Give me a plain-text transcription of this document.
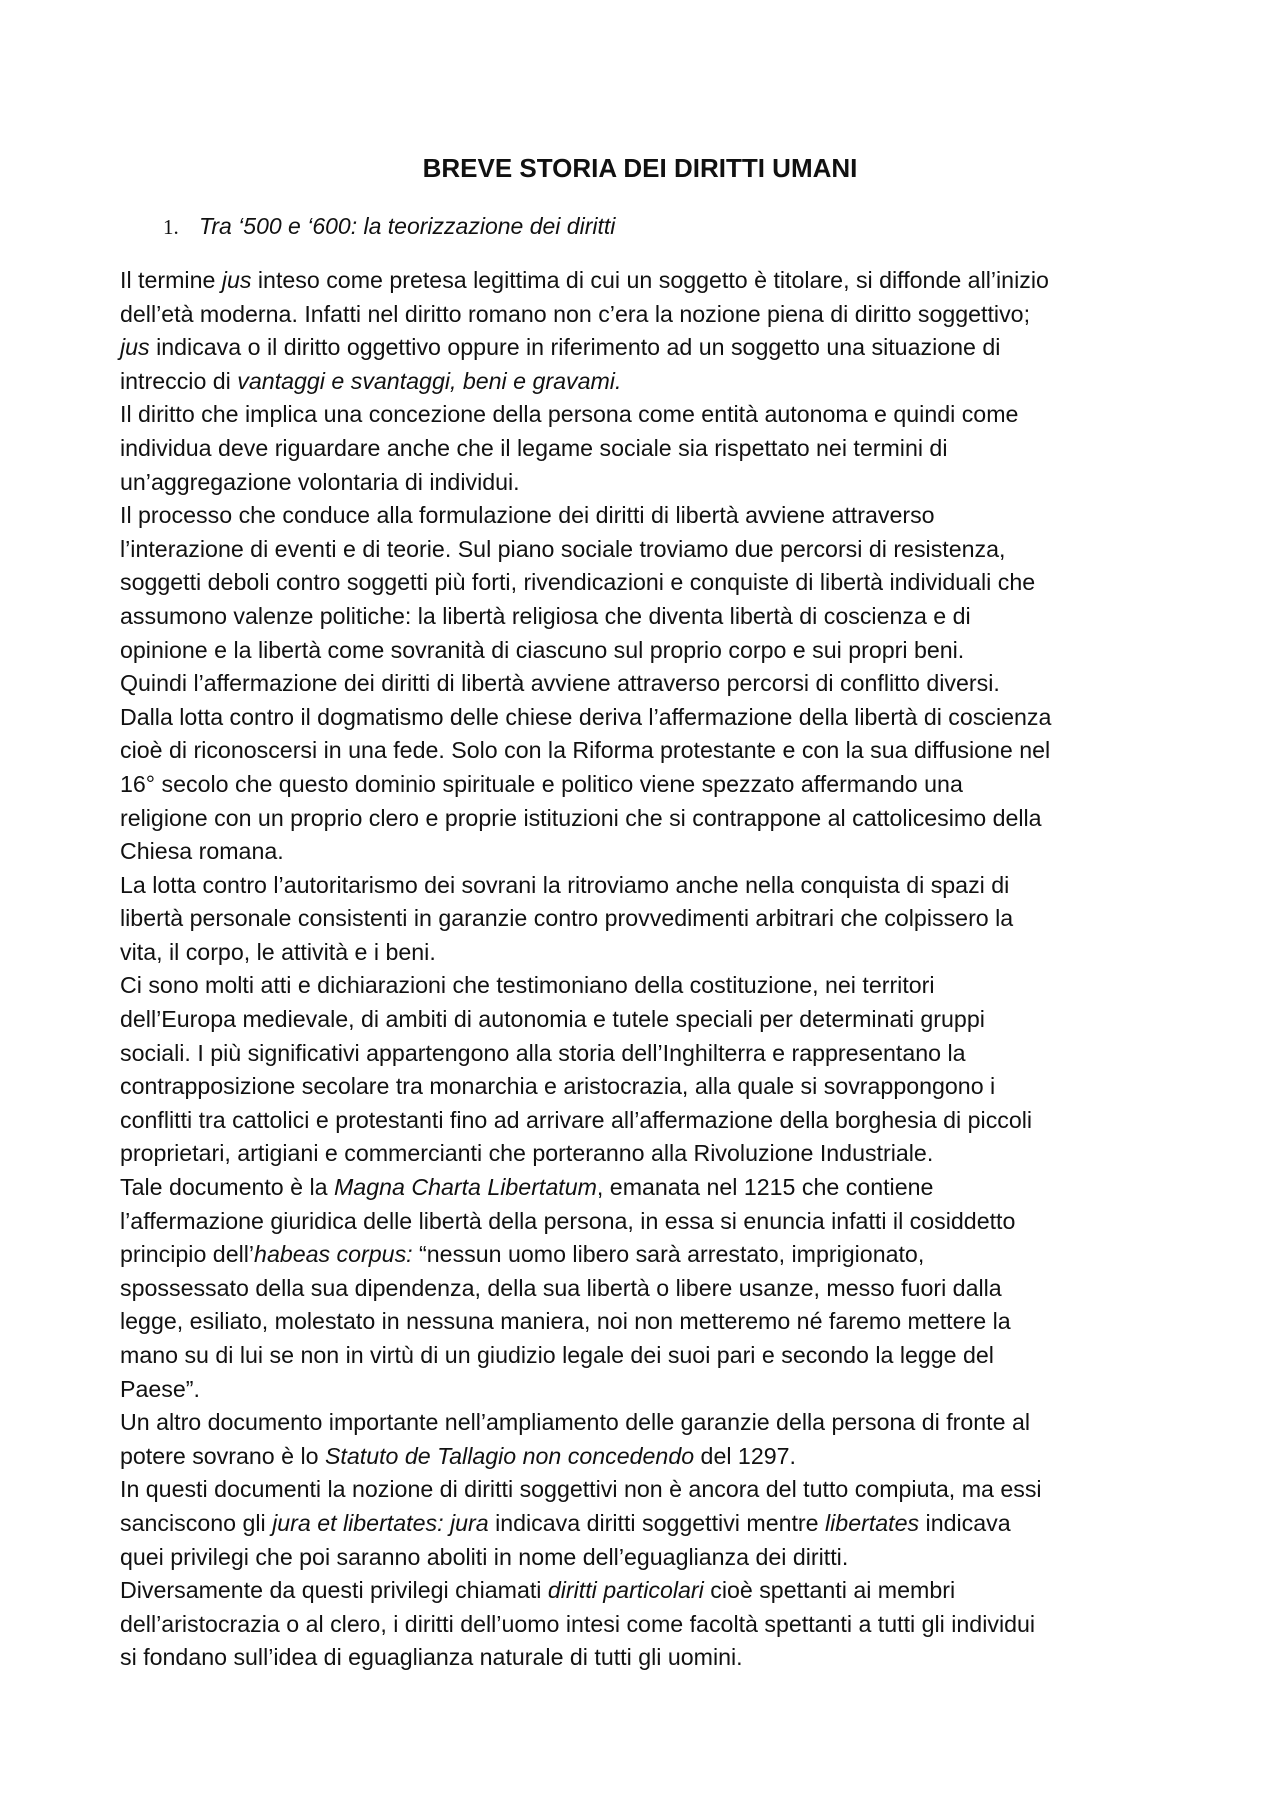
BREVE STORIA DEI DIRITTI UMANI
1. Tra ‘500 e ‘600: la teorizzazione dei diritti
Il termine jus inteso come pretesa legittima di cui un soggetto è titolare, si diffonde all’inizio
dell’età moderna. Infatti nel diritto romano non c’era la nozione piena di diritto soggettivo;
jus indicava o il diritto oggettivo oppure in riferimento ad un soggetto una situazione di
intreccio di vantaggi e svantaggi, beni e gravami.
Il diritto che implica una concezione della persona come entità autonoma e quindi come
individua deve riguardare anche che il legame sociale sia rispettato nei termini di
un’aggregazione volontaria di individui.
Il processo che conduce alla formulazione dei diritti di libertà avviene attraverso
l’interazione di eventi e di teorie. Sul piano sociale troviamo due percorsi di resistenza,
soggetti deboli contro soggetti più forti, rivendicazioni e conquiste di libertà individuali che
assumono valenze politiche: la libertà religiosa che diventa libertà di coscienza e di
opinione e la libertà come sovranità di ciascuno sul proprio corpo e sui propri beni.
Quindi l’affermazione dei diritti di libertà avviene attraverso percorsi di conflitto diversi.
Dalla lotta contro il dogmatismo delle chiese deriva l’affermazione della libertà di coscienza
cioè di riconoscersi in una fede. Solo con la Riforma protestante e con la sua diffusione nel
16° secolo che questo dominio spirituale e politico viene spezzato affermando una
religione con un proprio clero e proprie istituzioni che si contrappone al cattolicesimo della
Chiesa romana.
La lotta contro l’autoritarismo dei sovrani la ritroviamo anche nella conquista di spazi di
libertà personale consistenti in garanzie contro provvedimenti arbitrari che colpissero la
vita, il corpo, le attività e i beni.
Ci sono molti atti e dichiarazioni che testimoniano della costituzione, nei territori
dell’Europa medievale, di ambiti di autonomia e tutele speciali per determinati gruppi
sociali. I più significativi appartengono alla storia dell’Inghilterra e rappresentano la
contrapposizione secolare tra monarchia e aristocrazia, alla quale si sovrappongono i
conflitti tra cattolici e protestanti fino ad arrivare all’affermazione della borghesia di piccoli
proprietari, artigiani e commercianti che porteranno alla Rivoluzione Industriale.
Tale documento è la Magna Charta Libertatum, emanata nel 1215 che contiene
l’affermazione giuridica delle libertà della persona, in essa si enuncia infatti il cosiddetto
principio dell’habeas corpus: “nessun uomo libero sarà arrestato, imprigionato,
spossessato della sua dipendenza, della sua libertà o libere usanze, messo fuori dalla
legge, esiliato, molestato in nessuna maniera, noi non metteremo né faremo mettere la
mano su di lui se non in virtù di un giudizio legale dei suoi pari e secondo la legge del
Paese”.
Un altro documento importante nell’ampliamento delle garanzie della persona di fronte al
potere sovrano è lo Statuto de Tallagio non concedendo del 1297.
In questi documenti la nozione di diritti soggettivi non è ancora del tutto compiuta, ma essi
sanciscono gli jura et libertates: jura indicava diritti soggettivi mentre libertates indicava
quei privilegi che poi saranno aboliti in nome dell’eguaglianza dei diritti.
Diversamente da questi privilegi chiamati diritti particolari cioè spettanti ai membri
dell’aristocrazia o al clero, i diritti dell’uomo intesi come facoltà spettanti a tutti gli individui
si fondano sull’idea di eguaglianza naturale di tutti gli uomini.
